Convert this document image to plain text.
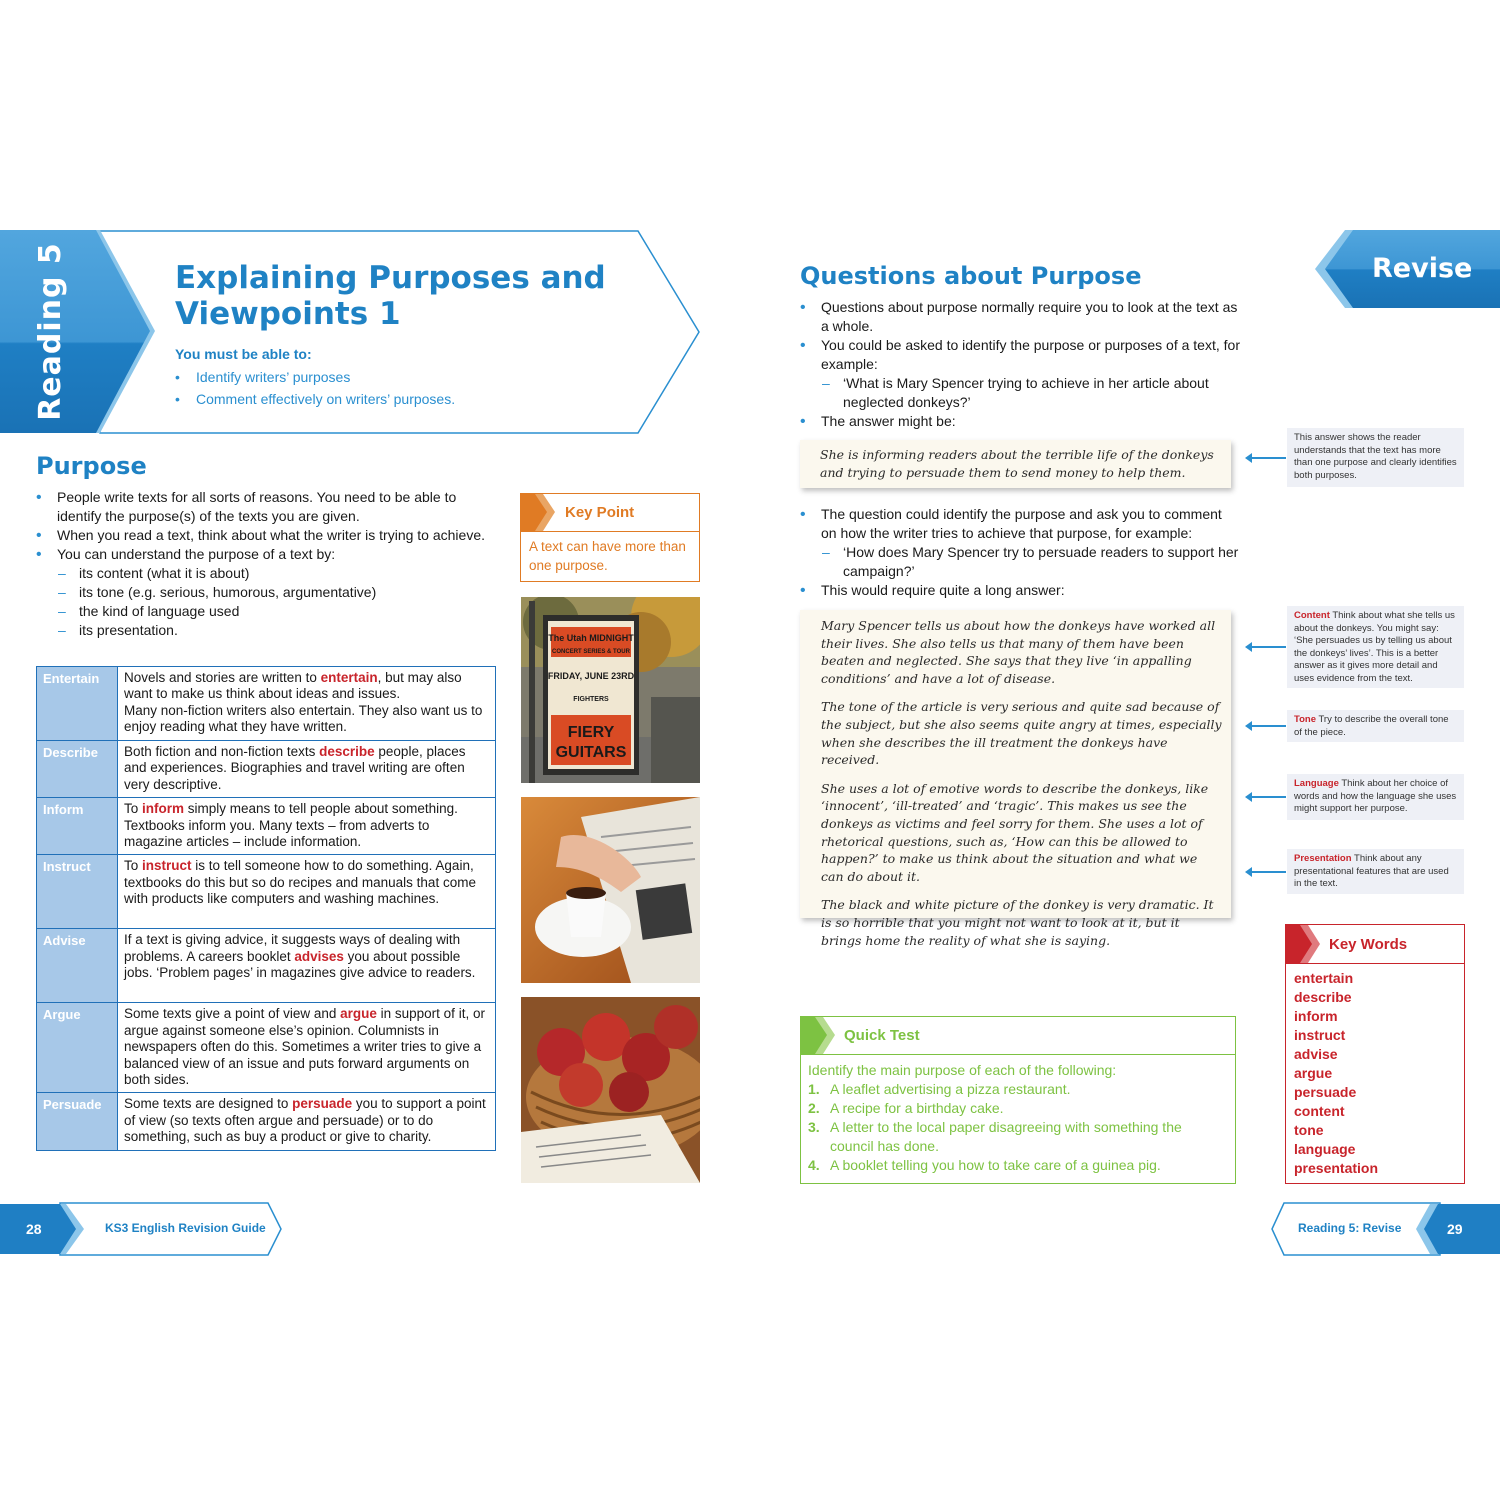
Reading 5	Explaining Purposes and
Viewpoints 1
You must be able to:
• Identify writers’ purposes
• Comment effectively on writers’ purposes.
Purpose
• People write texts for all sorts of reasons. You need to be able to identify the purpose(s) of the texts you are given.
• When you read a text, think about what the writer is trying to achieve.
• You can understand the purpose of a text by:
– its content (what it is about)
– its tone (e.g. serious, humorous, argumentative)
– the kind of language used
– its presentation.
Key Point
A text can have more than one purpose.
Entertain	Novels and stories are written to entertain, but may also want to make us think about ideas and issues.
Many non-fiction writers also entertain. They also want us to enjoy reading what they have written.
Describe	Both fiction and non-fiction texts describe people, places and experiences. Biographies and travel writing are often very descriptive.
Inform	To inform simply means to tell people about something. Textbooks inform you. Many texts – from adverts to magazine articles – include information.
Instruct	To instruct is to tell someone how to do something. Again, textbooks do this but so do recipes and manuals that come with products like computers and washing machines.
Advise	If a text is giving advice, it suggests ways of dealing with problems. A careers booklet advises you about possible jobs. ‘Problem pages’ in magazines give advice to readers.
Argue	Some texts give a point of view and argue in support of it, or argue against someone else’s opinion. Columnists in newspapers often do this. Sometimes a writer tries to give a balanced view of an issue and puts forward arguments on both sides.
Persuade	Some texts are designed to persuade you to support a point of view (so texts often argue and persuade) or to do something, such as buy a product or give to charity.
The Utah MIDNIGHT
CONCERT SERIES & TOUR
FRIDAY, JUNE 23RD
FIGHTERS
FIERY
GUITARS
28	KS3 English Revision Guide
Revise
Questions about Purpose
• Questions about purpose normally require you to look at the text as a whole.
• You could be asked to identify the purpose or purposes of a text, for example:
– ‘What is Mary Spencer trying to achieve in her article about neglected donkeys?’
• The answer might be:

She is informing readers about the terrible life of the donkeys and trying to persuade them to send money to help them.

This answer shows the reader understands that the text has more than one purpose and clearly identifies both purposes.
• The question could identify the purpose and ask you to comment on how the writer tries to achieve that purpose, for example:
– ‘How does Mary Spencer try to persuade readers to support her campaign?’
• This would require quite a long answer:

Mary Spencer tells us about how the donkeys have worked all their lives. She also tells us that many of them have been beaten and neglected. She says that they live ‘in appalling conditions’ and have a lot of disease.

The tone of the article is very serious and quite sad because of the subject, but she also seems quite angry at times, especially when she describes the ill treatment the donkeys have received.

She uses a lot of emotive words to describe the donkeys, like ‘innocent’, ‘ill-treated’ and ‘tragic’. This makes us see the donkeys as victims and feel sorry for them. She uses a lot of rhetorical questions, such as, ‘How can this be allowed to happen?’ to make us think about the situation and what we can do about it.

The black and white picture of the donkey is very dramatic. It is so horrible that you might not want to look at it, but it brings home the reality of what she is saying.

Content Think about what she tells us about the donkeys. You might say: ‘She persuades us by telling us about the donkeys’ lives’. This is a better answer as it gives more detail and uses evidence from the text.
Tone Try to describe the overall tone of the piece.
Language Think about her choice of words and how the language she uses might support her purpose.
Presentation Think about any presentational features that are used in the text.
Key Words
entertain
describe
inform
instruct
advise
argue
persuade
content
tone
language
presentation
Quick Test
Identify the main purpose of each of the following:
1. A leaflet advertising a pizza restaurant.
2. A recipe for a birthday cake.
3. A letter to the local paper disagreeing with something the council has done.
4. A booklet telling you how to take care of a guinea pig.
Reading 5: Revise	29
